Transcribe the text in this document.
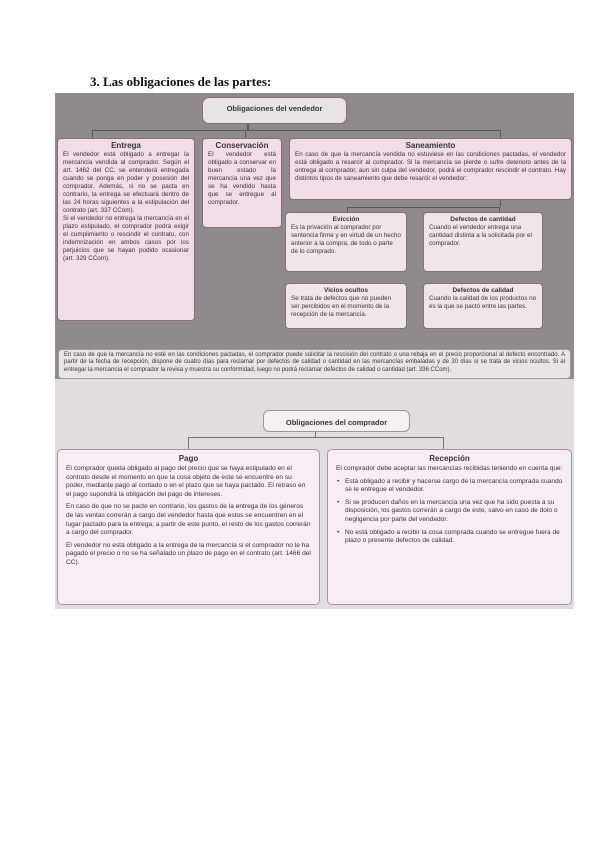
3. Las obligaciones de las partes:
Obligaciones del vendedor
Entrega

El vendedor está obligado a entregar la mercancía vendida al comprador. Según el art. 1462 del CC, se entenderá entregada cuando se ponga en poder y posesión del comprador. Además, si no se pacta en contrario, la entrega se efectuará dentro de las 24 horas siguientes a la estipulación del contrato (art. 337 CCom).

Si el vendedor no entrega la mercancía en el plazo estipulado, el comprador podrá exigir el cumplimiento o rescindir el contrato, con indemnización en ambos casos por los perjuicios que se hayan podido ocasionar (art. 329 CCom).

Conservación

El vendedor está obligado a conservar en buen estado la mercancía una vez que se ha vendido hasta que se entregue al comprador.

Saneamiento

En caso de que la mercancía vendida no estuviese en las condiciones pactadas, el vendedor está obligado a resarcir al comprador. Si la mercancía se pierde o sufre deterioro antes de la entrega al comprador, aun sin culpa del vendedor, podrá el comprador rescindir el contrato. Hay distintos tipos de saneamiento que debe resarcir el vendedor:

Evicción

Es la privación al comprador por sentencia firme y en virtud de un hecho anterior a la compra, de todo o parte de lo comprado.

Defectos de cantidad

Cuando el vendedor entrega una cantidad distinta a la solicitada por el comprador.

Vicios ocultos

Se trata de defectos que no pueden ser percibidos en el momento de la recepción de la mercancía.

Defectos de calidad

Cuando la calidad de los productos no es la que se pactó entre las partes.

En caso de que la mercancía no esté en las condiciones pactadas, el comprador puede solicitar la rescisión del contrato o una rebaja en el precio proporcional al defecto encontrado. A partir de la fecha de recepción, dispone de cuatro días para reclamar por defectos de calidad o cantidad en las mercancías embaladas y de 30 días si se trata de vicios ocultos. Si al entregar la mercancía el comprador la revisa y muestra su conformidad, luego no podrá reclamar defectos de calidad o cantidad (art. 336 CCom).

Obligaciones del comprador
Pago

El comprador queda obligado al pago del precio que se haya estipulado en el contrato desde el momento en que la cosa objeto de este se encuentre en su poder, mediante pago al contado o en el plazo que se haya pactado. El retraso en el pago supondrá la obligación del pago de intereses.

En caso de que no se pacte en contrario, los gastos de la entrega de los géneros de las ventas correrán a cargo del vendedor hasta que estos se encuentren en el lugar pactado para la entrega; a partir de este punto, el resto de los gastos correrán a cargo del comprador.

El vendedor no está obligado a la entrega de la mercancía si el comprador no le ha pagado el precio o no se ha señalado un plazo de pago en el contrato (art. 1466 del CC).

Recepción

El comprador debe aceptar las mercancías recibidas teniendo en cuenta que:

• Está obligado a recibir y hacerse cargo de la mercancía comprada cuando se le entregue el vendedor.
• Si se producen daños en la mercancía una vez que ha sido puesta a su disposición, los gastos correrán a cargo de este, salvo en caso de dolo o negligencia por parte del vendedor.
• No está obligado a recibir la cosa comprada cuando se entregue fuera de plazo o presente defectos de calidad.
